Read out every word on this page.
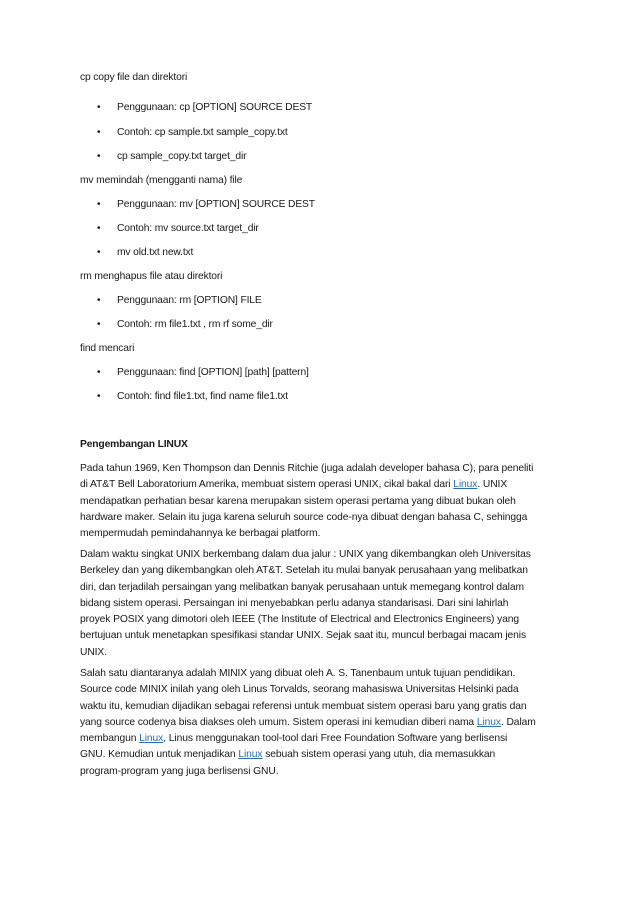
cp copy file dan direktori
• Penggunaan: cp [OPTION] SOURCE DEST
• Contoh: cp sample.txt sample_copy.txt
• cp sample_copy.txt target_dir
mv memindah (mengganti nama) file
• Penggunaan: mv [OPTION] SOURCE DEST
• Contoh: mv source.txt target_dir
• mv old.txt new.txt
rm menghapus file atau direktori
• Penggunaan: rm [OPTION] FILE
• Contoh: rm file1.txt , rm rf some_dir
find mencari
• Penggunaan: find [OPTION] [path] [pattern]
• Contoh: find file1.txt, find name file1.txt
Pengembangan LINUX
Pada tahun 1969, Ken Thompson dan Dennis Ritchie (juga adalah developer bahasa C), para peneliti
di AT&T Bell Laboratorium Amerika, membuat sistem operasi UNIX, cikal bakal dari Linux. UNIX
mendapatkan perhatian besar karena merupakan sistem operasi pertama yang dibuat bukan oleh
hardware maker. Selain itu juga karena seluruh source code-nya dibuat dengan bahasa C, sehingga
mempermudah pemindahannya ke berbagai platform.
Dalam waktu singkat UNIX berkembang dalam dua jalur : UNIX yang dikembangkan oleh Universitas
Berkeley dan yang dikembangkan oleh AT&T. Setelah itu mulai banyak perusahaan yang melibatkan
diri, dan terjadilah persaingan yang melibatkan banyak perusahaan untuk memegang kontrol dalam
bidang sistem operasi. Persaingan ini menyebabkan perlu adanya standarisasi. Dari sini lahirlah
proyek POSIX yang dimotori oleh IEEE (The Institute of Electrical and Electronics Engineers) yang
bertujuan untuk menetapkan spesifikasi standar UNIX. Sejak saat itu, muncul berbagai macam jenis
UNIX.
Salah satu diantaranya adalah MINIX yang dibuat oleh A. S. Tanenbaum untuk tujuan pendidikan.
Source code MINIX inilah yang oleh Linus Torvalds, seorang mahasiswa Universitas Helsinki pada
waktu itu, kemudian dijadikan sebagai referensi untuk membuat sistem operasi baru yang gratis dan
yang source codenya bisa diakses oleh umum. Sistem operasi ini kemudian diberi nama Linux. Dalam
membangun Linux, Linus menggunakan tool-tool dari Free Foundation Software yang berlisensi
GNU. Kemudian untuk menjadikan Linux sebuah sistem operasi yang utuh, dia memasukkan
program-program yang juga berlisensi GNU.
